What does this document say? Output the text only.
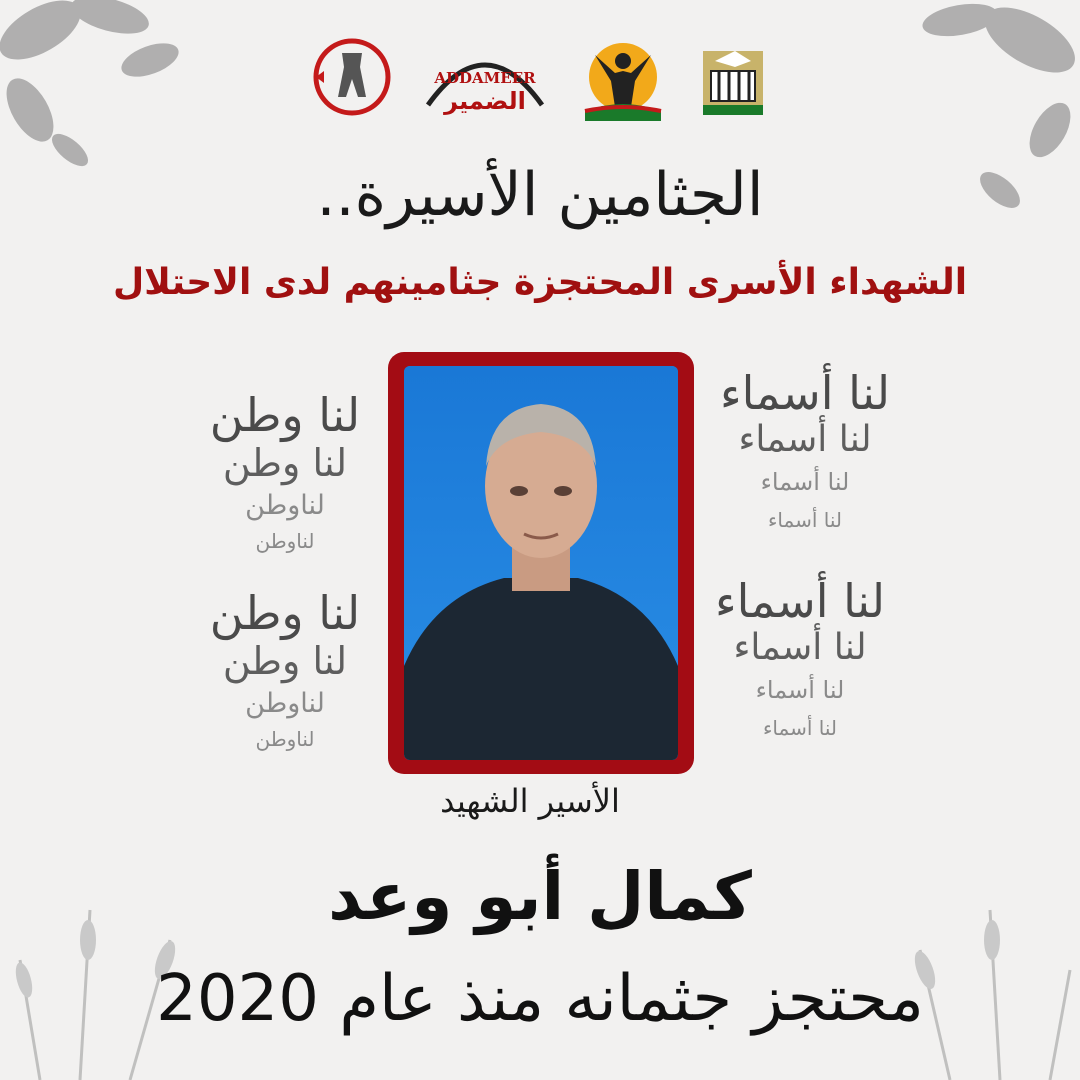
ADDAMEER
الضمير
الجثامين الأسيرة..
الشهداء الأسرى المحتجزة جثامينهم لدى الاحتلال
لنا وطن
لنا وطن
لناوطن
لناوطن
لنا وطن
لنا وطن
لناوطن
لناوطن
لنا أسماء
لنا أسماء
لنا أسماء
لنا أسماء
لنا أسماء
لنا أسماء
لنا أسماء
لنا أسماء
الأسير الشهيد
كمال أبو وعد
محتجز جثمانه منذ عام 2020
